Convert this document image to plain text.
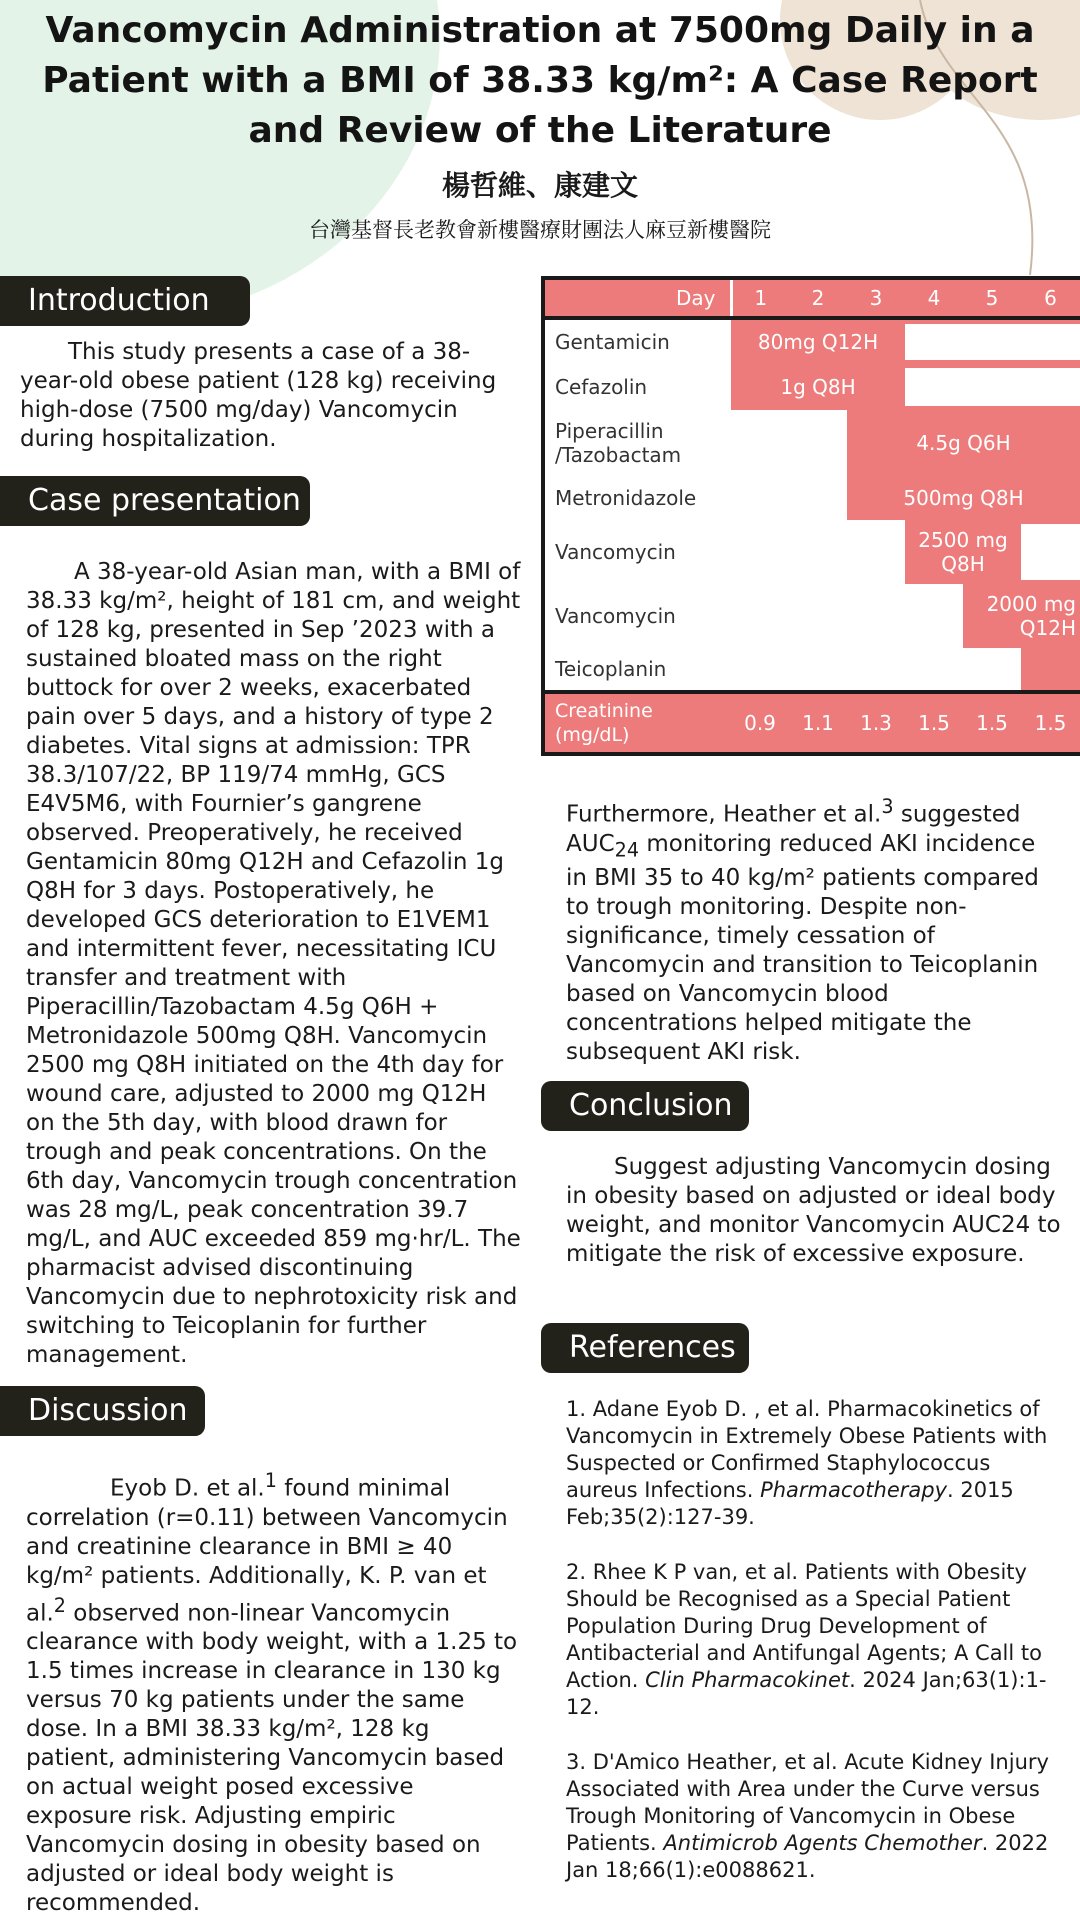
Vancomycin Administration at 7500mg Daily in a Patient with a BMI of 38.33 kg/m²: A Case Report and Review of the Literature
楊哲維、康建文
台灣基督長老教會新樓醫療財團法人麻豆新樓醫院
Introduction
This study presents a case of a 38-year-old obese patient (128 kg) receiving high-dose (7500 mg/day) Vancomycin during hospitalization.
Case presentation
A 38-year-old Asian man, with a BMI of 38.33 kg/m², height of 181 cm, and weight of 128 kg, presented in Sep ’2023 with a sustained bloated mass on the right buttock for over 2 weeks, exacerbated pain over 5 days, and a history of type 2 diabetes. Vital signs at admission: TPR 38.3/107/22, BP 119/74 mmHg, GCS E4V5M6, with Fournier’s gangrene observed. Preoperatively, he received Gentamicin 80mg Q12H and Cefazolin 1g Q8H for 3 days. Postoperatively, he developed GCS deterioration to E1VEM1 and intermittent fever, necessitating ICU transfer and treatment with Piperacillin/Tazobactam 4.5g Q6H + Metronidazole 500mg Q8H. Vancomycin 2500 mg Q8H initiated on the 4th day for wound care, adjusted to 2000 mg Q12H on the 5th day, with blood drawn for trough and peak concentrations. On the 6th day, Vancomycin trough concentration was 28 mg/L, peak concentration 39.7 mg/L, and AUC exceeded 859 mg·hr/L. The pharmacist advised discontinuing Vancomycin due to nephrotoxicity risk and switching to Teicoplanin for further management.
Discussion
Eyob D. et al.$^1$ found minimal correlation (r=0.11) between Vancomycin and creatinine clearance in BMI ≥ 40 kg/m² patients. Additionally, K. P. van et al.$^2$ observed non-linear Vancomycin clearance with body weight, with a 1.25 to 1.5 times increase in clearance in 130 kg versus 70 kg patients under the same dose. In a BMI 38.33 kg/m², 128 kg patient, administering Vancomycin based on actual weight posed excessive exposure risk. Adjusting empiric Vancomycin dosing in obesity based on adjusted or ideal body weight is recommended.
Day	1	2	3	4	5	6

Gentamicin	80mg Q12H					

Cefazolin	1g Q8H					

Piperacillin
/Tazobactam			4.5g Q6H			
Metronidazole			500mg Q8H			
Vancomycin				2500 mg Q8H		

Vancomycin					2000 mg Q12H	
Teicoplanin						

Creatinine
(mg/dL)	0.9	1.1	1.3	1.5	1.5	1.5
Furthermore, Heather et al.$^3$ suggested $AUC_{24}$ monitoring reduced AKI incidence in BMI 35 to 40 kg/m² patients compared to trough monitoring. Despite non-significance, timely cessation of Vancomycin and transition to Teicoplanin based on Vancomycin blood concentrations helped mitigate the subsequent AKI risk.
Conclusion
Suggest adjusting Vancomycin dosing in obesity based on adjusted or ideal body weight, and monitor Vancomycin AUC24 to mitigate the risk of excessive exposure.
References

1. Adane Eyob D. , et al. Pharmacokinetics of Vancomycin in Extremely Obese Patients with Suspected or Confirmed Staphylococcus aureus Infections. Pharmacotherapy. 2015 Feb;35(2):127-39.

2. Rhee K P van, et al. Patients with Obesity Should be Recognised as a Special Patient Population During Drug Development of Antibacterial and Antifungal Agents; A Call to Action. Clin Pharmacokinet. 2024 Jan;63(1):1-12.

3. D'Amico Heather, et al. Acute Kidney Injury Associated with Area under the Curve versus Trough Monitoring of Vancomycin in Obese Patients. Antimicrob Agents Chemother. 2022 Jan 18;66(1):e0088621.
